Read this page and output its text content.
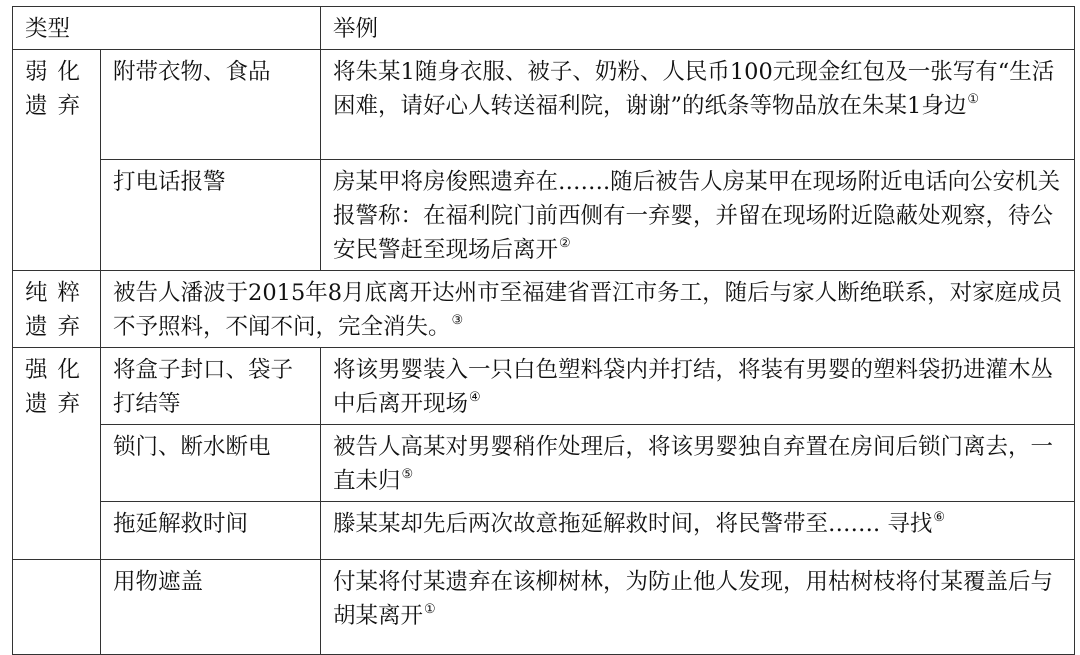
类型		举例
弱化遗弃	附带衣物、食品	将朱某1随身衣服、被子、奶粉、人民币100元现金红包及一张写有“生活困难，请好心人转送福利院，谢谢”的纸条等物品放在朱某1身边①
	打电话报警	房某甲将房俊熙遗弃在…….随后被告人房某甲在现场附近电话向公安机关报警称：在福利院门前西侧有一弃婴，并留在现场附近隐蔽处观察，待公安民警赶至现场后离开②
纯粹遗弃	被告人潘波于2015年8月底离开达州市至福建省晋江市务工，随后与家人断绝联系，对家庭成员不予照料，不闻不问，完全消失。③
强化遗弃	将盒子封口、袋子打结等	将该男婴装入一只白色塑料袋内并打结，将装有男婴的塑料袋扔进灌木丛中后离开现场④
	锁门、断水断电	被告人高某对男婴稍作处理后，将该男婴独自弃置在房间后锁门离去，一直未归⑤
	拖延解救时间	滕某某却先后两次故意拖延解救时间，将民警带至……. 寻找⑥
	用物遮盖	付某将付某遗弃在该柳树林，为防止他人发现，用枯树枝将付某覆盖后与胡某离开①
